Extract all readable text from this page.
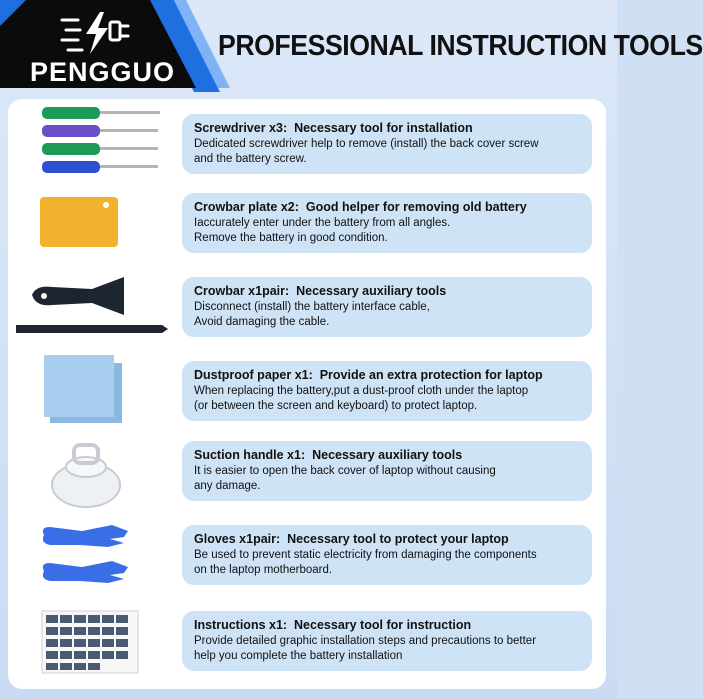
PENGGUO
PROFESSIONAL INSTRUCTION TOOLS
Screwdriver x3: Necessary tool for installation
Dedicated screwdriver help to remove (install) the back cover screw
and the battery screw.
Crowbar plate x2: Good helper for removing old battery
Iaccurately enter under the battery from all angles.
Remove the battery in good condition.
Crowbar x1pair: Necessary auxiliary tools
Disconnect (install) the battery interface cable,
Avoid damaging the cable.
Dustproof paper x1: Provide an extra protection for laptop
When replacing the battery,put a dust-proof cloth under the laptop
(or between the screen and keyboard) to protect laptop.
Suction handle x1: Necessary auxiliary tools
It is easier to open the back cover of laptop without causing
any damage.
Gloves x1pair: Necessary tool to protect your laptop
Be used to prevent static electricity from damaging the components
on the laptop motherboard.
Instructions x1: Necessary tool for instruction
Provide detailed graphic installation steps and precautions to better
help you complete the battery installation
